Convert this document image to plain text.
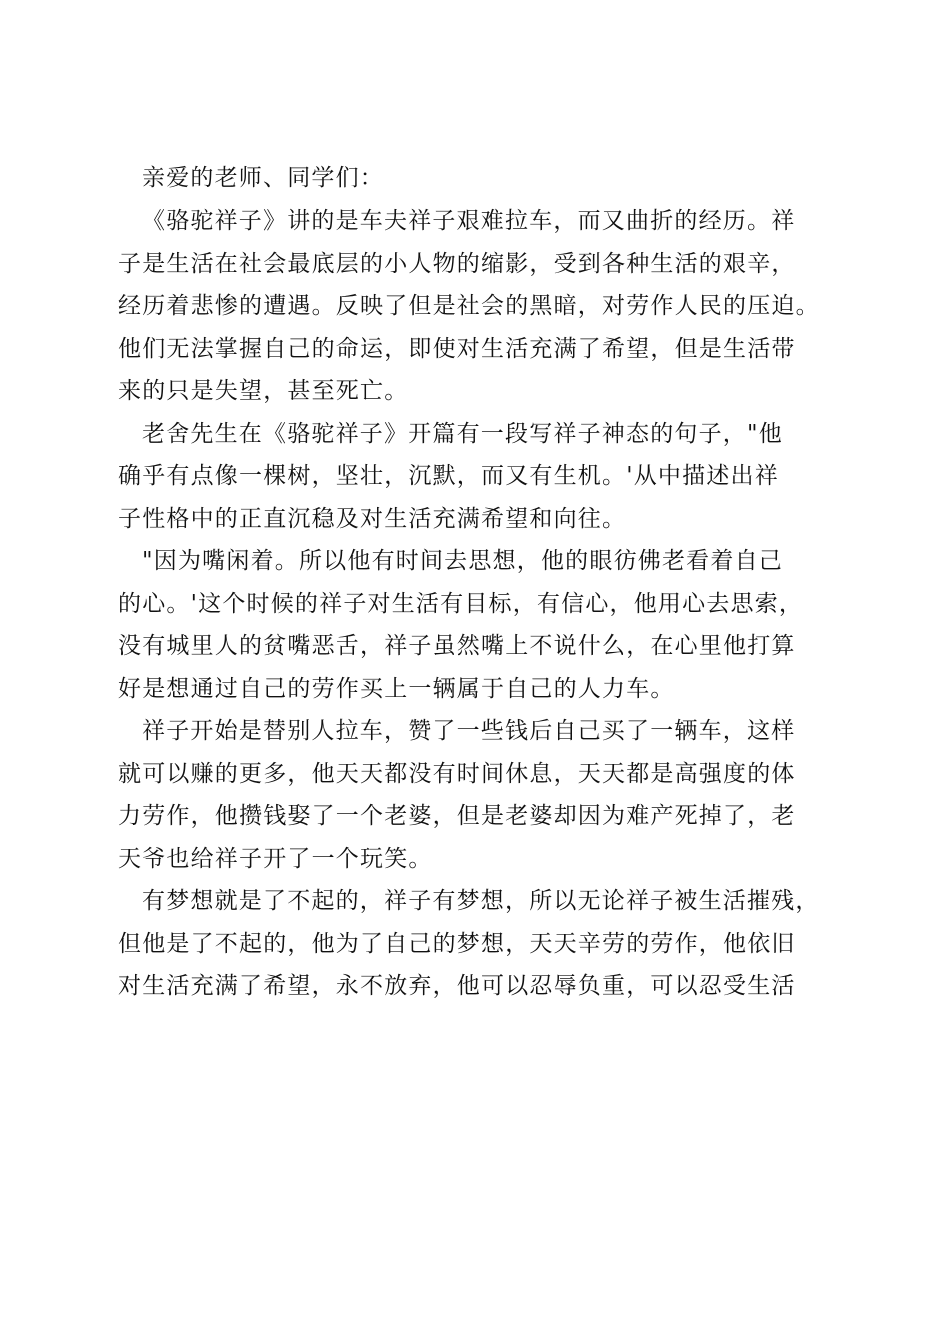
亲爱的老师、同学们：
《骆驼祥子》讲的是车夫祥子艰难拉车，而又曲折的经历。祥
子是生活在社会最底层的小人物的缩影，受到各种生活的艰辛，
经历着悲惨的遭遇。反映了但是社会的黑暗，对劳作人民的压迫。
他们无法掌握自己的命运，即使对生活充满了希望，但是生活带
来的只是失望，甚至死亡。
老舍先生在《骆驼祥子》开篇有一段写祥子神态的句子，"他
确乎有点像一棵树，坚壮，沉默，而又有生机。'从中描述出祥
子性格中的正直沉稳及对生活充满希望和向往。
"因为嘴闲着。所以他有时间去思想，他的眼彷佛老看着自己
的心。'这个时候的祥子对生活有目标，有信心，他用心去思索，
没有城里人的贫嘴恶舌，祥子虽然嘴上不说什么，在心里他打算
好是想通过自己的劳作买上一辆属于自己的人力车。
祥子开始是替别人拉车，赞了一些钱后自己买了一辆车，这样
就可以赚的更多，他天天都没有时间休息，天天都是高强度的体
力劳作，他攒钱娶了一个老婆，但是老婆却因为难产死掉了，老
天爷也给祥子开了一个玩笑。
有梦想就是了不起的，祥子有梦想，所以无论祥子被生活摧残，
但他是了不起的，他为了自己的梦想，天天辛劳的劳作，他依旧
对生活充满了希望，永不放弃，他可以忍辱负重，可以忍受生活
